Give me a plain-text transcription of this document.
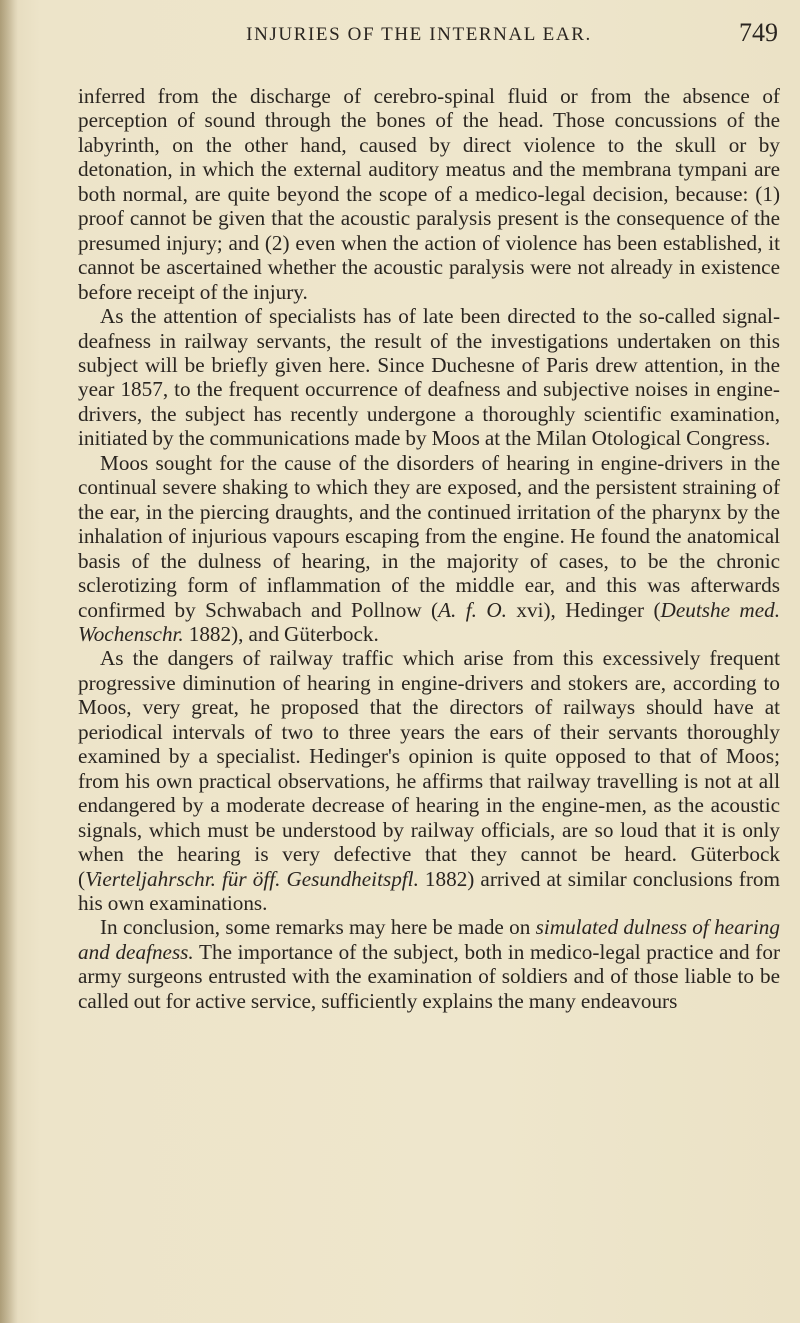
INJURIES OF THE INTERNAL EAR.	749

inferred from the discharge of cerebro-spinal fluid or from the absence of perception of sound through the bones of the head. Those concussions of the labyrinth, on the other hand, caused by direct violence to the skull or by detonation, in which the external auditory meatus and the membrana tympani are both normal, are quite beyond the scope of a medico-legal decision, because: (1) proof cannot be given that the acoustic paralysis present is the consequence of the presumed injury; and (2) even when the action of violence has been established, it cannot be ascertained whether the acoustic paralysis were not already in existence before receipt of the injury.

As the attention of specialists has of late been directed to the so-called signal-deafness in railway servants, the result of the investigations undertaken on this subject will be briefly given here. Since Duchesne of Paris drew attention, in the year 1857, to the frequent occurrence of deafness and subjective noises in engine-drivers, the subject has recently undergone a thoroughly scientific examination, initiated by the communications made by Moos at the Milan Otological Congress.

Moos sought for the cause of the disorders of hearing in engine-drivers in the continual severe shaking to which they are exposed, and the persistent straining of the ear, in the piercing draughts, and the continued irritation of the pharynx by the inhalation of injurious vapours escaping from the engine. He found the anatomical basis of the dulness of hearing, in the majority of cases, to be the chronic sclerotizing form of inflammation of the middle ear, and this was afterwards confirmed by Schwabach and Pollnow (A. f. O. xvi), Hedinger (Deutshe med. Wochenschr. 1882), and Güterbock.

As the dangers of railway traffic which arise from this excessively frequent progressive diminution of hearing in engine-drivers and stokers are, according to Moos, very great, he proposed that the directors of railways should have at periodical intervals of two to three years the ears of their servants thoroughly examined by a specialist. Hedinger's opinion is quite opposed to that of Moos; from his own practical observations, he affirms that railway travelling is not at all endangered by a moderate decrease of hearing in the engine-men, as the acoustic signals, which must be understood by railway officials, are so loud that it is only when the hearing is very defective that they cannot be heard. Güterbock (Vierteljahrschr. für öff. Gesundheitspfl. 1882) arrived at similar conclusions from his own examinations.

In conclusion, some remarks may here be made on simulated dulness of hearing and deafness. The importance of the subject, both in medico-legal practice and for army surgeons entrusted with the examination of soldiers and of those liable to be called out for active service, sufficiently explains the many endeavours
